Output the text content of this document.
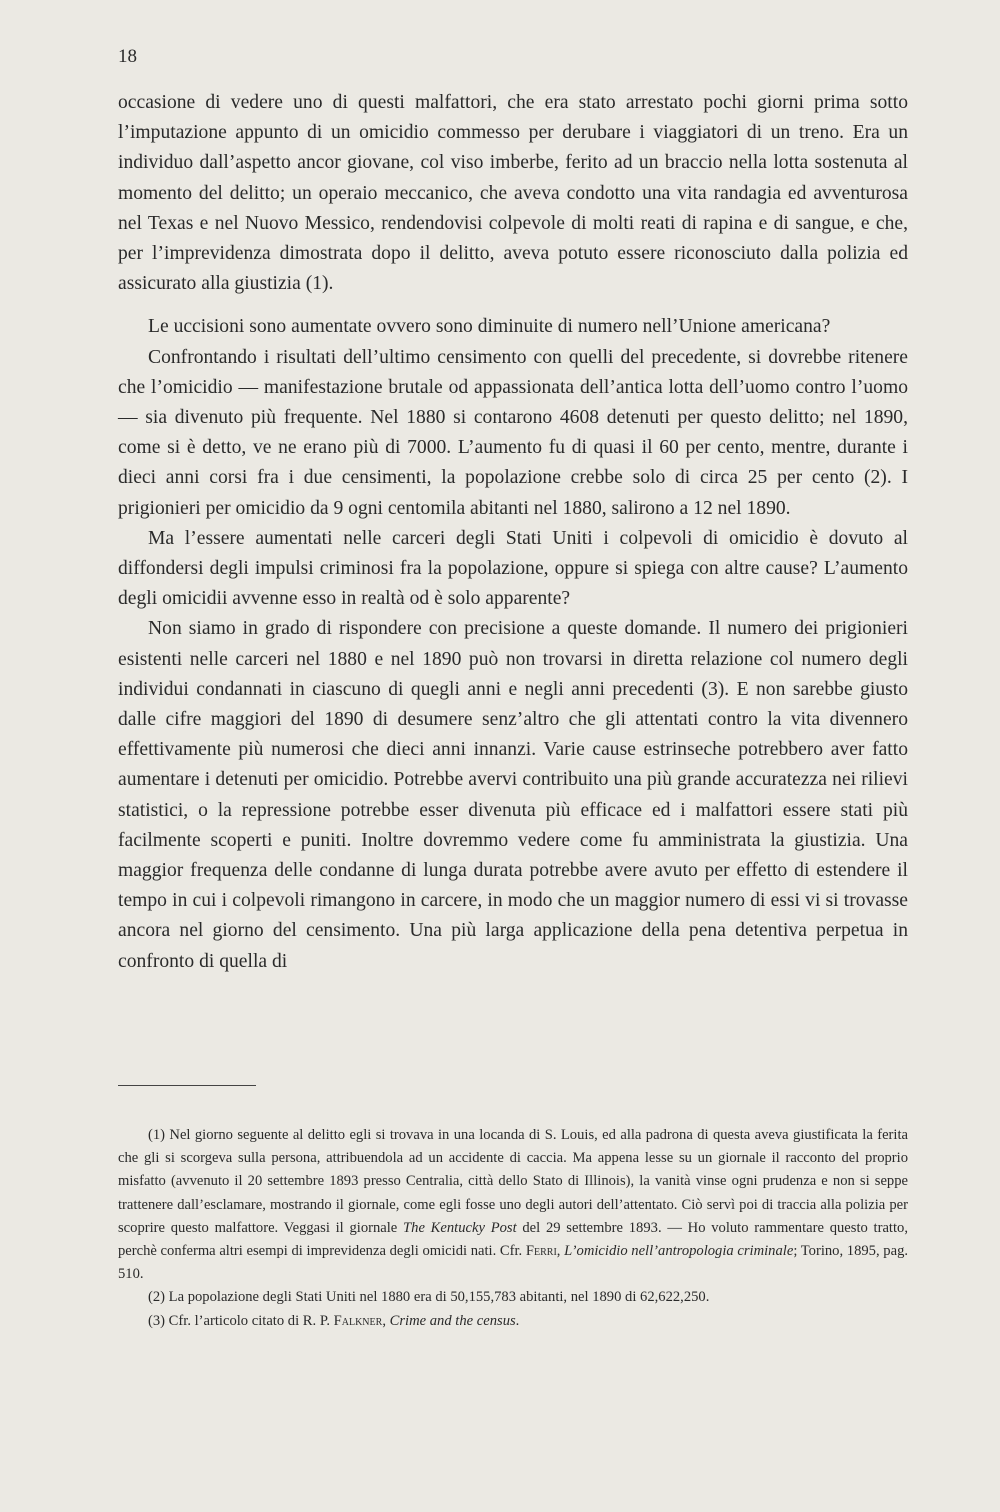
18

occasione di vedere uno di questi malfattori, che era stato arrestato pochi giorni prima sotto l’imputazione appunto di un omicidio commesso per derubare i viaggiatori di un treno. Era un individuo dall’aspetto ancor giovane, col viso imberbe, ferito ad un braccio nella lotta sostenuta al momento del delitto; un operaio meccanico, che aveva condotto una vita randagia ed avventurosa nel Texas e nel Nuovo Messico, rendendovisi colpevole di molti reati di rapina e di sangue, e che, per l’imprevidenza dimostrata dopo il delitto, aveva potuto essere riconosciuto dalla polizia ed assicurato alla giustizia (1).

Le uccisioni sono aumentate ovvero sono diminuite di numero nell’Unione americana?

Confrontando i risultati dell’ultimo censimento con quelli del precedente, si dovrebbe ritenere che l’omicidio — manifestazione brutale od appassionata dell’antica lotta dell’uomo contro l’uomo — sia divenuto più frequente. Nel 1880 si contarono 4608 detenuti per questo delitto; nel 1890, come si è detto, ve ne erano più di 7000. L’aumento fu di quasi il 60 per cento, mentre, durante i dieci anni corsi fra i due censimenti, la popolazione crebbe solo di circa 25 per cento (2). I prigionieri per omicidio da 9 ogni centomila abitanti nel 1880, salirono a 12 nel 1890.

Ma l’essere aumentati nelle carceri degli Stati Uniti i colpevoli di omicidio è dovuto al diffondersi degli impulsi criminosi fra la popolazione, oppure si spiega con altre cause? L’aumento degli omicidii avvenne esso in realtà od è solo apparente?

Non siamo in grado di rispondere con precisione a queste domande. Il numero dei prigionieri esistenti nelle carceri nel 1880 e nel 1890 può non trovarsi in diretta relazione col numero degli individui condannati in ciascuno di quegli anni e negli anni precedenti (3). E non sarebbe giusto dalle cifre maggiori del 1890 di desumere senz’altro che gli attentati contro la vita divennero effettivamente più numerosi che dieci anni innanzi. Varie cause estrinseche potrebbero aver fatto aumentare i detenuti per omicidio. Potrebbe avervi contribuito una più grande accuratezza nei rilievi statistici, o la repressione potrebbe esser divenuta più efficace ed i malfattori essere stati più facilmente scoperti e puniti. Inoltre dovremmo vedere come fu amministrata la giustizia. Una maggior frequenza delle condanne di lunga durata potrebbe avere avuto per effetto di estendere il tempo in cui i colpevoli rimangono in carcere, in modo che un maggior numero di essi vi si trovasse ancora nel giorno del censimento. Una più larga applicazione della pena detentiva perpetua in confronto di quella di

(1) Nel giorno seguente al delitto egli si trovava in una locanda di S. Louis, ed alla padrona di questa aveva giustificata la ferita che gli si scorgeva sulla persona, attribuendola ad un accidente di caccia. Ma appena lesse su un giornale il racconto del proprio misfatto (avvenuto il 20 settembre 1893 presso Centralia, città dello Stato di Illinois), la vanità vinse ogni prudenza e non si seppe trattenere dall’esclamare, mostrando il giornale, come egli fosse uno degli autori dell’attentato. Ciò servì poi di traccia alla polizia per scoprire questo malfattore. Veggasi il giornale The Kentucky Post del 29 settembre 1893. — Ho voluto rammentare questo tratto, perchè conferma altri esempi di imprevidenza degli omicidi nati. Cfr. Ferri, L’omicidio nell’antropologia criminale; Torino, 1895, pag. 510.

(2) La popolazione degli Stati Uniti nel 1880 era di 50,155,783 abitanti, nel 1890 di 62,622,250.

(3) Cfr. l’articolo citato di R. P. Falkner, Crime and the census.
